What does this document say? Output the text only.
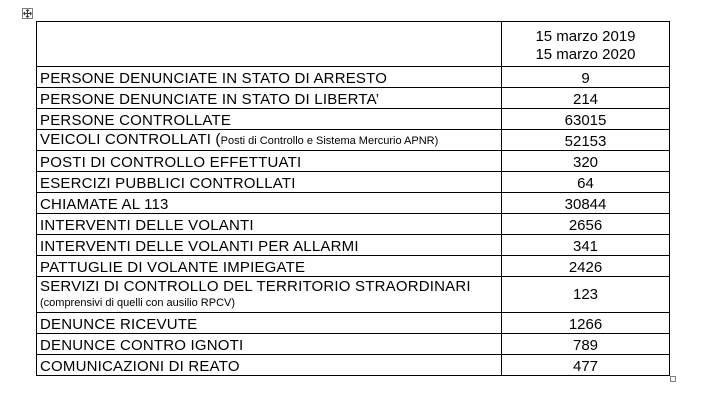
	15 marzo 2019
15 marzo 2020

PERSONE DENUNCIATE IN STATO DI ARRESTO	9
PERSONE DENUNCIATE IN STATO DI LIBERTA’	214
PERSONE CONTROLLATE	63015
VEICOLI CONTROLLATI (Posti di Controllo e Sistema Mercurio APNR)	52153
POSTI DI CONTROLLO EFFETTUATI	320
ESERCIZI PUBBLICI CONTROLLATI	64
CHIAMATE AL 113	30844
INTERVENTI DELLE VOLANTI	2656
INTERVENTI DELLE VOLANTI PER ALLARMI	341
PATTUGLIE DI VOLANTE IMPIEGATE	2426

SERVIZI DI CONTROLLO DEL TERRITORIO STRAORDINARI
(comprensivi di quelli con ausilio RPCV)	123
DENUNCE RICEVUTE	1266
DENUNCE CONTRO IGNOTI	789
COMUNICAZIONI DI REATO	477
